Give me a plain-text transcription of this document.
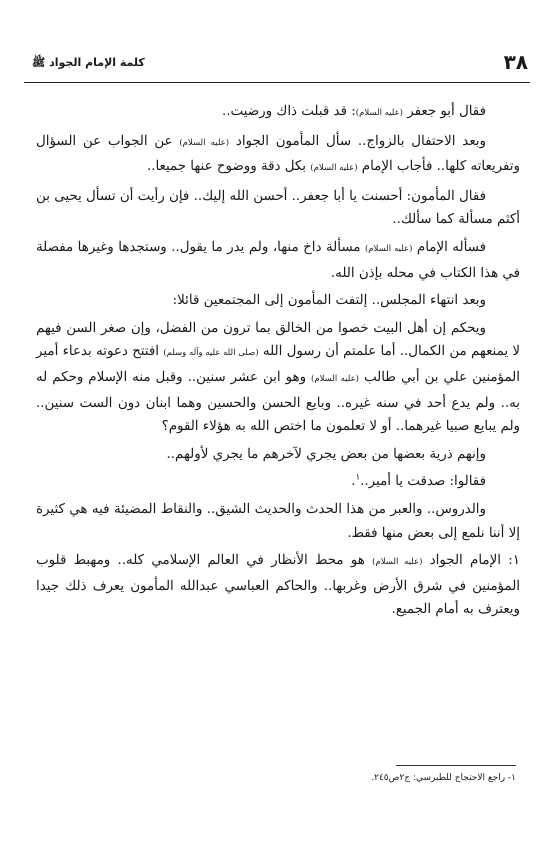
٣٨
كلمة الإمام الجواد ﷺ

فقال أبو جعفر (عليه السلام): قد قبلت ذاك ورضيت..

وبعد الاحتفال بالزواج.. سأل المأمون الجواد (عليه السلام) عن الجواب عن السؤال وتفريعاته كلها.. فأجاب الإمام (عليه السلام) بكل دقة ووضوح عنها جميعا..

فقال المأمون: أحسنت يا أبا جعفر.. أحسن الله إليك.. فإن رأيت أن تسأل يحيى بن أكثم مسألة كما سألك..

فسأله الإمام (عليه السلام) مسألة داخ منها، ولم يدر ما يقول.. وستجدها وغيرها مفصلة في هذا الكتاب في محله بإذن الله.

وبعد انتهاء المجلس.. إلتفت المأمون إلى المجتمعين قائلا:

ويحكم إن أهل البيت خصوا من الخالق بما ترون من الفضل، وإن صغر السن فيهم لا يمنعهم من الكمال.. أما علمتم أن رسول الله (صلى الله عليه وآله وسلم) افتتح دعوته بدعاء أمير المؤمنين علي بن أبي طالب (عليه السلام) وهو ابن عشر سنين.. وقبل منه الإسلام وحكم له به.. ولم يدع أحد في سنه غيره.. وبايع الحسن والحسين وهما ابنان دون الست سنين.. ولم يبايع صبيا غيرهما.. أو لا تعلمون ما اختص الله به هؤلاء القوم؟

وإنهم ذرية بعضها من بعض يجري لآخرهم ما يجري لأولهم..

فقالوا: صدقت يا أمير..$^١$.

والدروس.. والعبر من هذا الحدث والحديث الشيق.. والنقاط المضيئة فيه هي كثيرة إلا أننا نلمع إلى بعض منها فقط.

١: الإمام الجواد (عليه السلام) هو محط الأنظار في العالم الإسلامي كله.. ومهبط قلوب المؤمنين في شرق الأرض وغربها.. والحاكم العباسي عبدالله المأمون يعرف ذلك جيدا ويعترف به أمام الجميع.

١- راجع الاحتجاج للطبرسي: ج٢ص٢٤٥.
